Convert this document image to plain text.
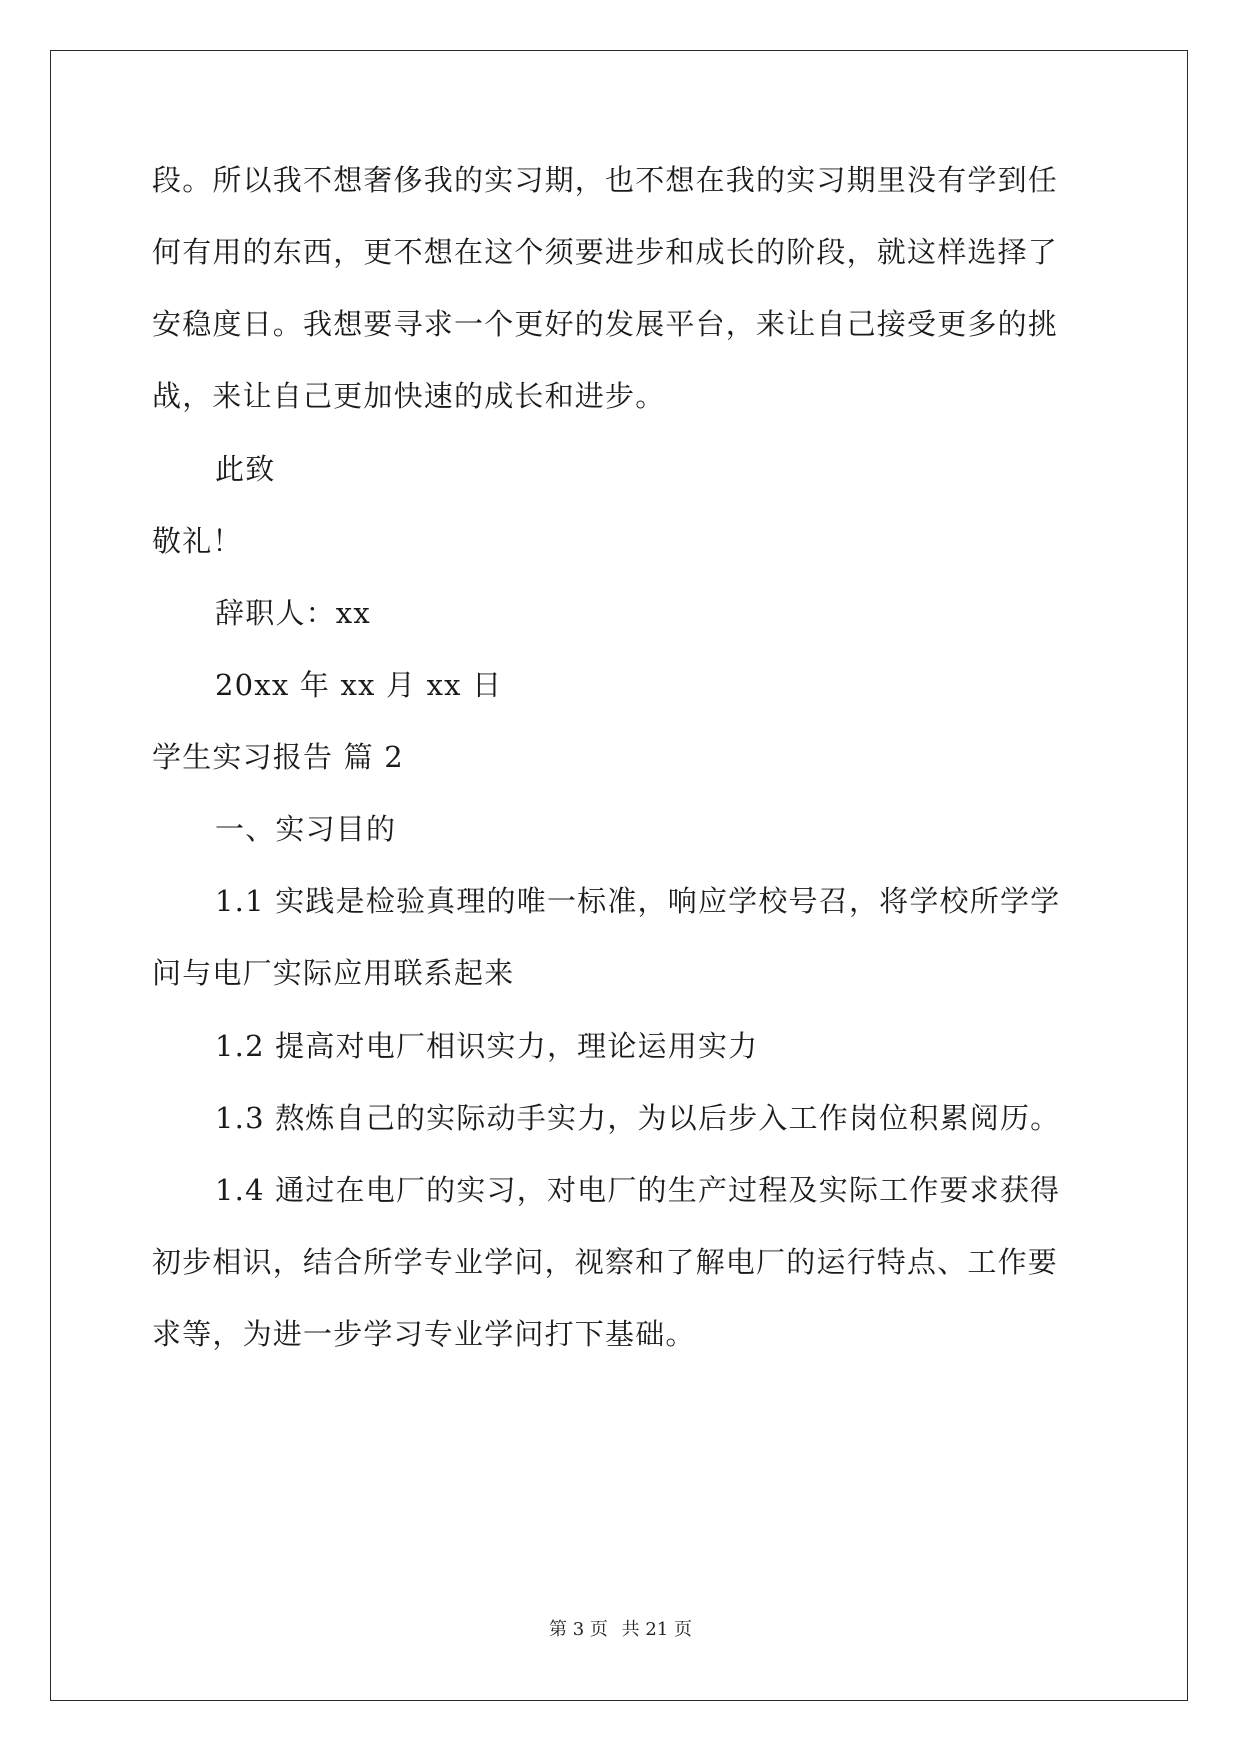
段。所以我不想奢侈我的实习期，也不想在我的实习期里没有学到任
何有用的东西，更不想在这个须要进步和成长的阶段，就这样选择了
安稳度日。我想要寻求一个更好的发展平台，来让自己接受更多的挑
战，来让自己更加快速的成长和进步。
此致
敬礼！
辞职人：xx
20xx 年 xx 月 xx 日
学生实习报告 篇 2
一、实习目的
1.1 实践是检验真理的唯一标准，响应学校号召，将学校所学学
问与电厂实际应用联系起来
1.2 提高对电厂相识实力，理论运用实力
1.3 熬炼自己的实际动手实力，为以后步入工作岗位积累阅历。
1.4 通过在电厂的实习，对电厂的生产过程及实际工作要求获得
初步相识，结合所学专业学问，视察和了解电厂的运行特点、工作要
求等，为进一步学习专业学问打下基础。
第 3 页 共 21 页
